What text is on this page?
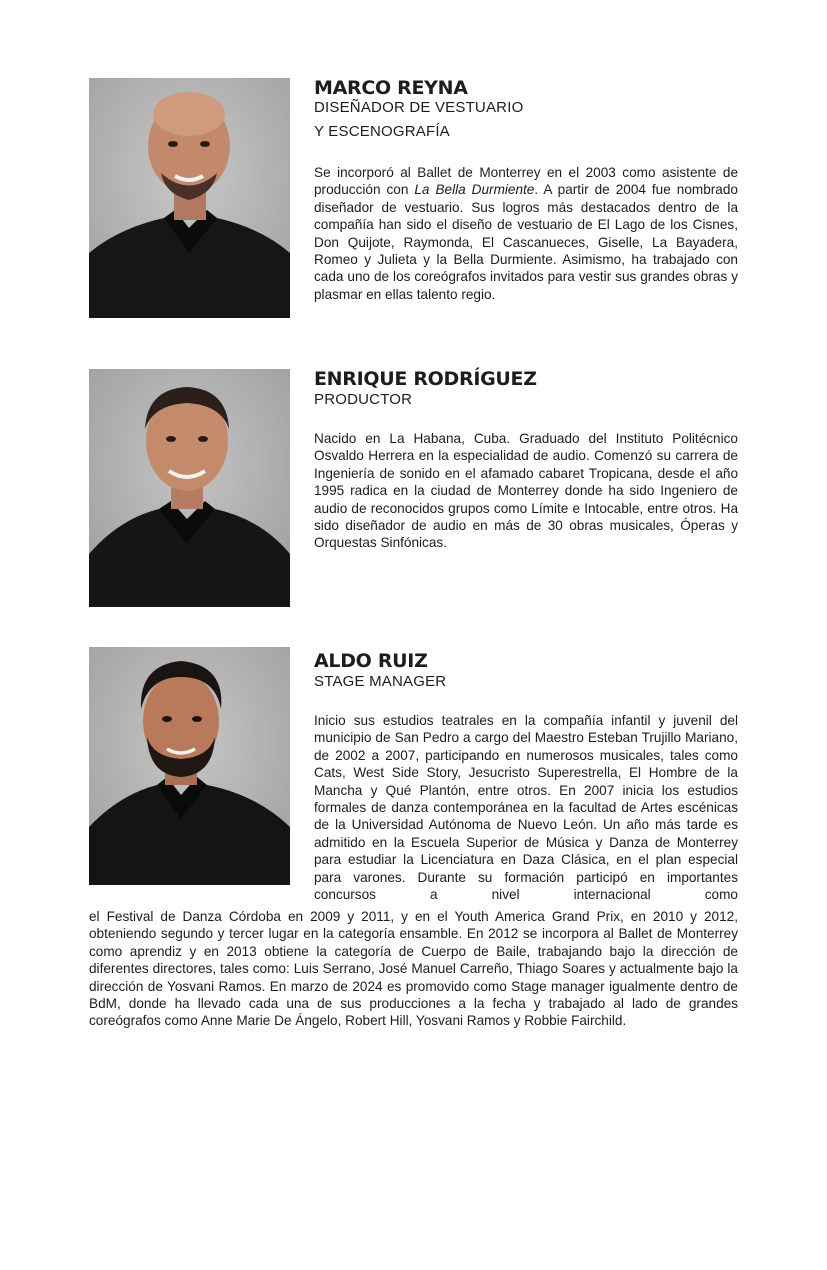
MARCO REYNA
DISEÑADOR DE VESTUARIO
Y ESCENOGRAFÍA

Se incorporó al Ballet de Monterrey en el 2003 como asistente de producción con La Bella Durmiente. A partir de 2004 fue nombrado diseñador de vestuario. Sus logros más destacados dentro de la compañía han sido el diseño de vestuario de El Lago de los Cisnes, Don Quijote, Raymonda, El Cascanueces, Giselle, La Bayadera, Romeo y Julieta y la Bella Durmiente. Asimismo, ha trabajado con cada uno de los coreógrafos invitados para vestir sus grandes obras y plasmar en ellas talento regio.

ENRIQUE RODRÍGUEZ
PRODUCTOR

Nacido en La Habana, Cuba. Graduado del Instituto Politécnico Osvaldo Herrera en la especialidad de audio. Comenzó su carrera de Ingeniería de sonido en el afamado cabaret Tropicana, desde el año 1995 radica en la ciudad de Monterrey donde ha sido Ingeniero de audio de reconocidos grupos como Límite e Intocable, entre otros. Ha sido diseñador de audio en más de 30 obras musicales, Óperas y Orquestas Sinfónicas.

ALDO RUIZ
STAGE MANAGER

Inicio sus estudios teatrales en la compañía infantil y juvenil del municipio de San Pedro a cargo del Maestro Esteban Trujillo Mariano, de 2002 a 2007, participando en numerosos musicales, tales como Cats, West Side Story, Jesucristo Superestrella, El Hombre de la Mancha y Qué Plantón, entre otros. En 2007 inicia los estudios formales de danza contemporánea en la facultad de Artes escénicas de la Universidad Autónoma de Nuevo León. Un año más tarde es admitido en la Escuela Superior de Música y Danza de Monterrey para estudiar la Licenciatura en Daza Clásica, en el plan especial para varones. Durante su formación participó en importantes concursos a nivel internacional como

el Festival de Danza Córdoba en 2009 y 2011, y en el Youth America Grand Prix, en 2010 y 2012, obteniendo segundo y tercer lugar en la categoría ensamble. En 2012 se incorpora al Ballet de Monterrey como aprendiz y en 2013 obtiene la categoría de Cuerpo de Baile, trabajando bajo la dirección de diferentes directores, tales como: Luis Serrano, José Manuel Carreño, Thiago Soares y actualmente bajo la dirección de Yosvani Ramos. En marzo de 2024 es promovido como Stage manager igualmente dentro de BdM, donde ha llevado cada una de sus producciones a la fecha y trabajado al lado de grandes coreógrafos como Anne Marie De Ángelo, Robert Hill, Yosvani Ramos y Robbie Fairchild.
